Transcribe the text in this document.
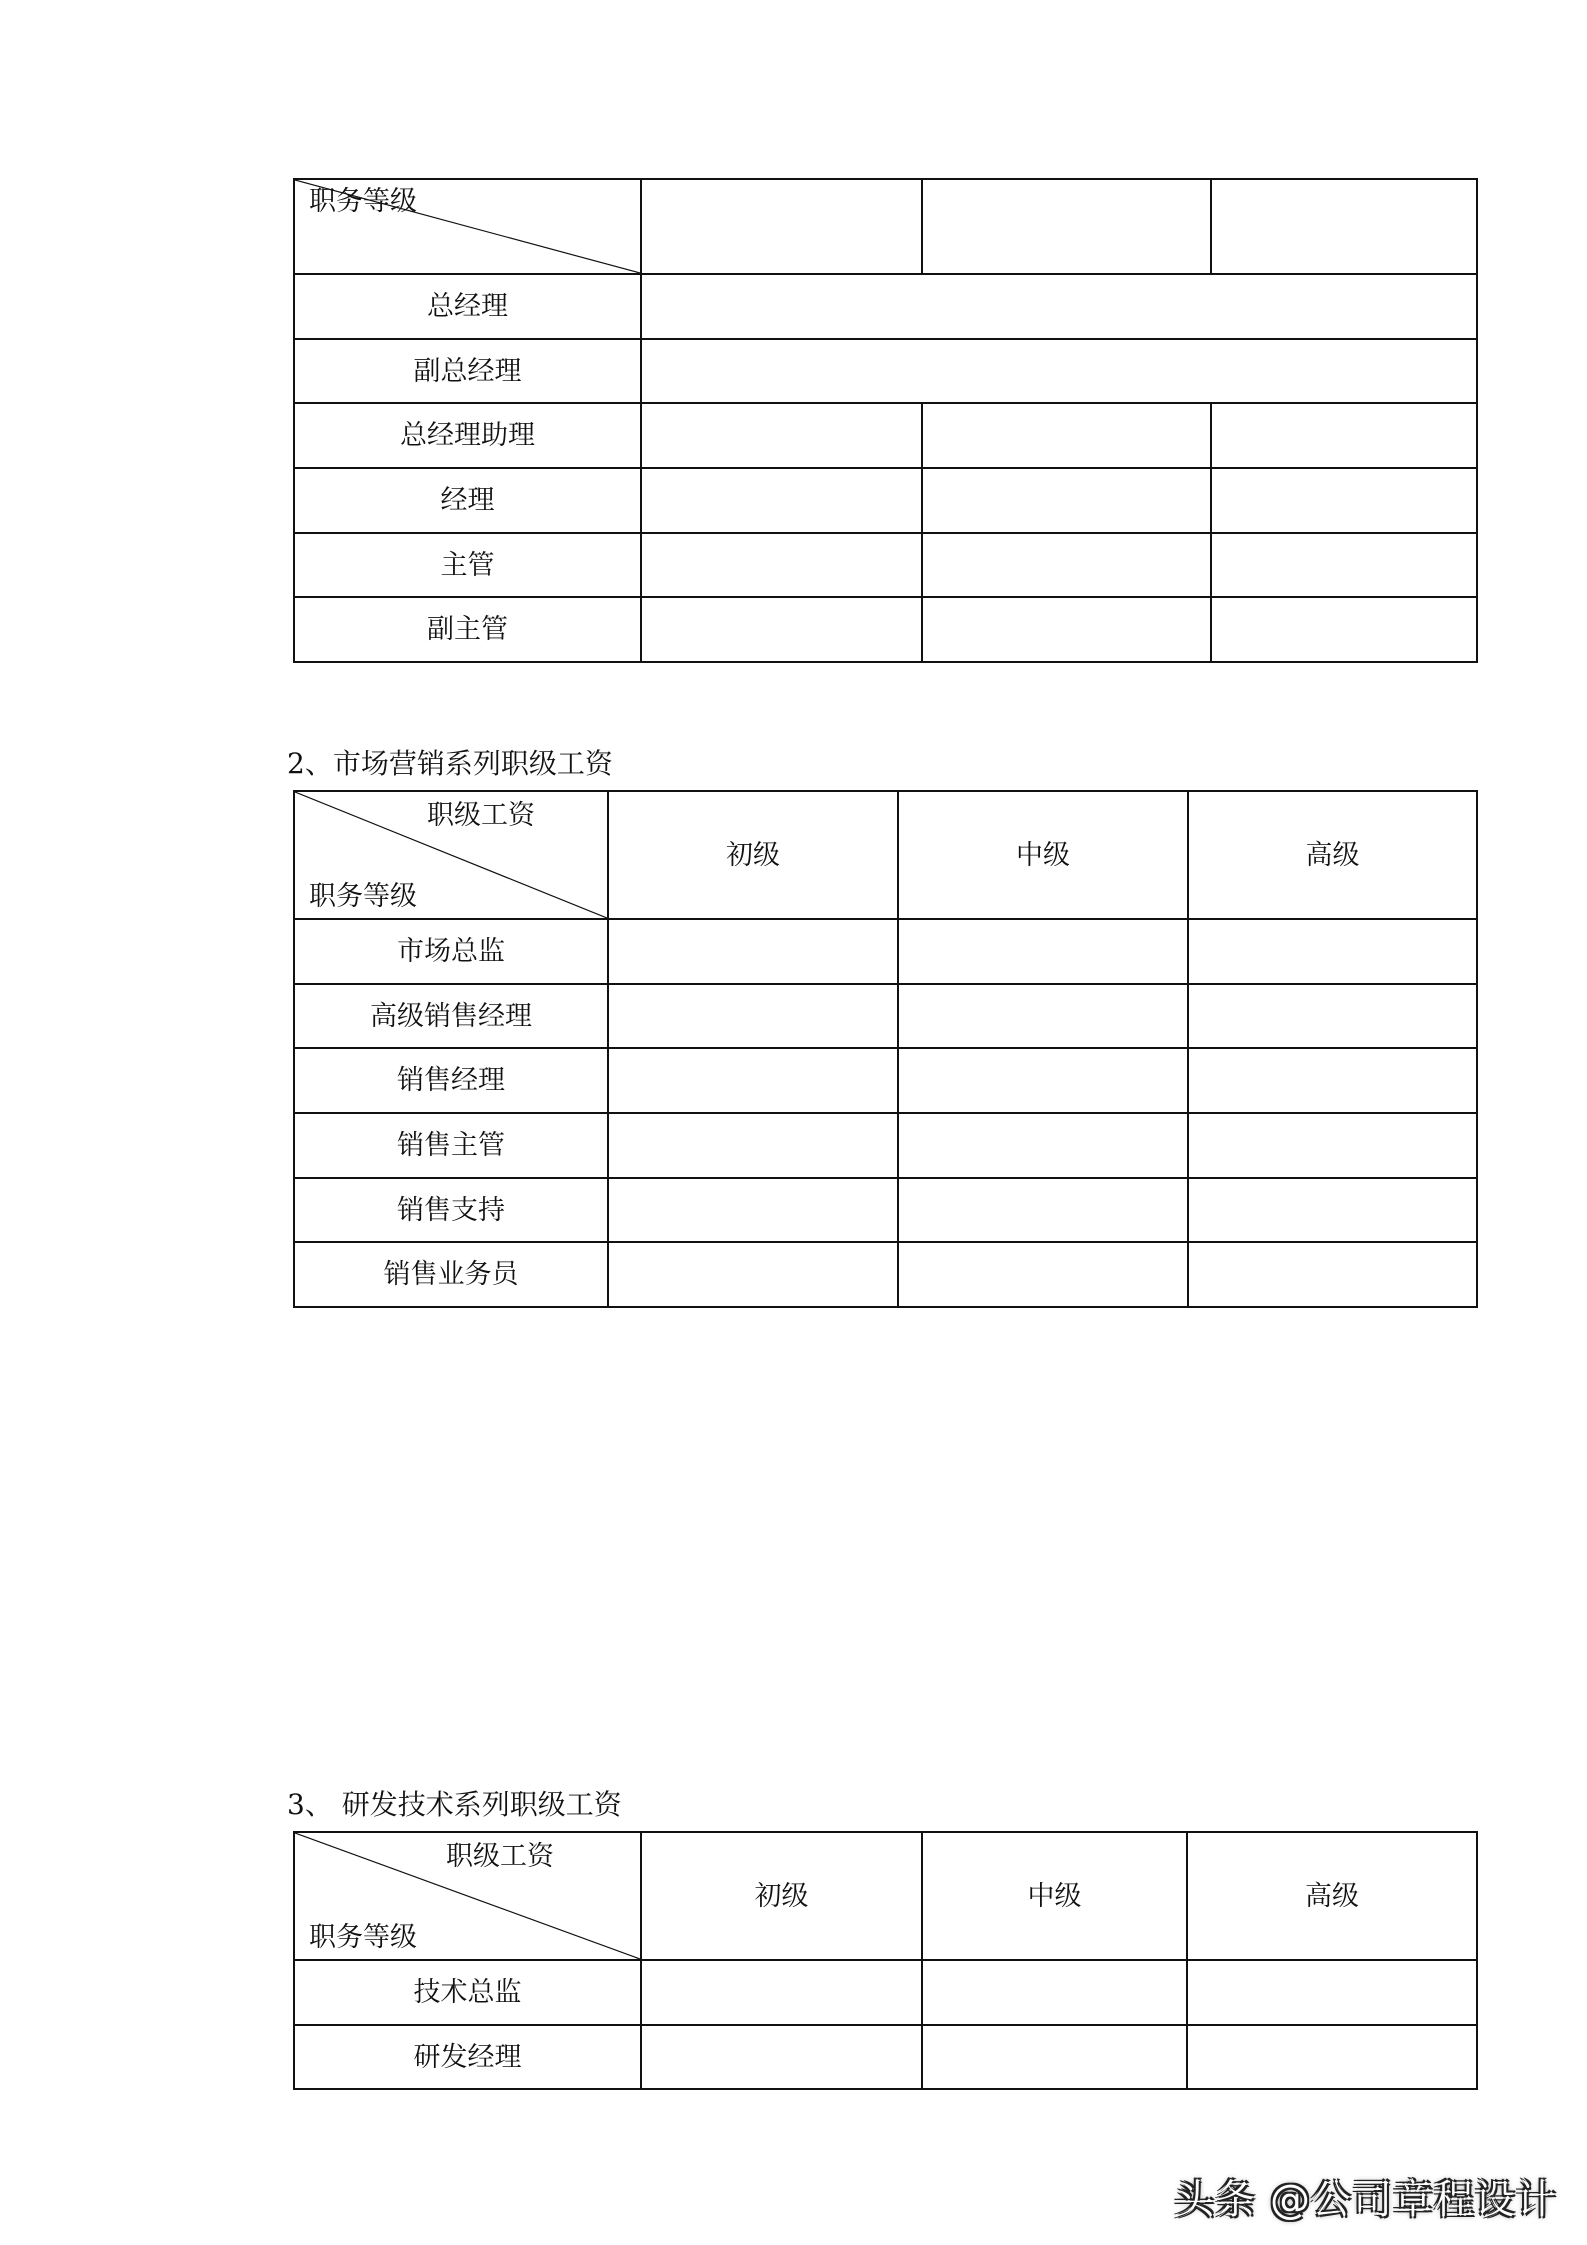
职务等级			

总经理			
副总经理			
总经理助理			
经理			
主管			
副主管			
2、市场营销系列职级工资
职级工资
职务等级	初级	中级	高级
市场总监			
高级销售经理			
销售经理			
销售主管			
销售支持			
销售业务员			
3、 研发技术系列职级工资
职级工资
职务等级	初级	中级	高级
技术总监			
研发经理			
头条 @公司章程设计
